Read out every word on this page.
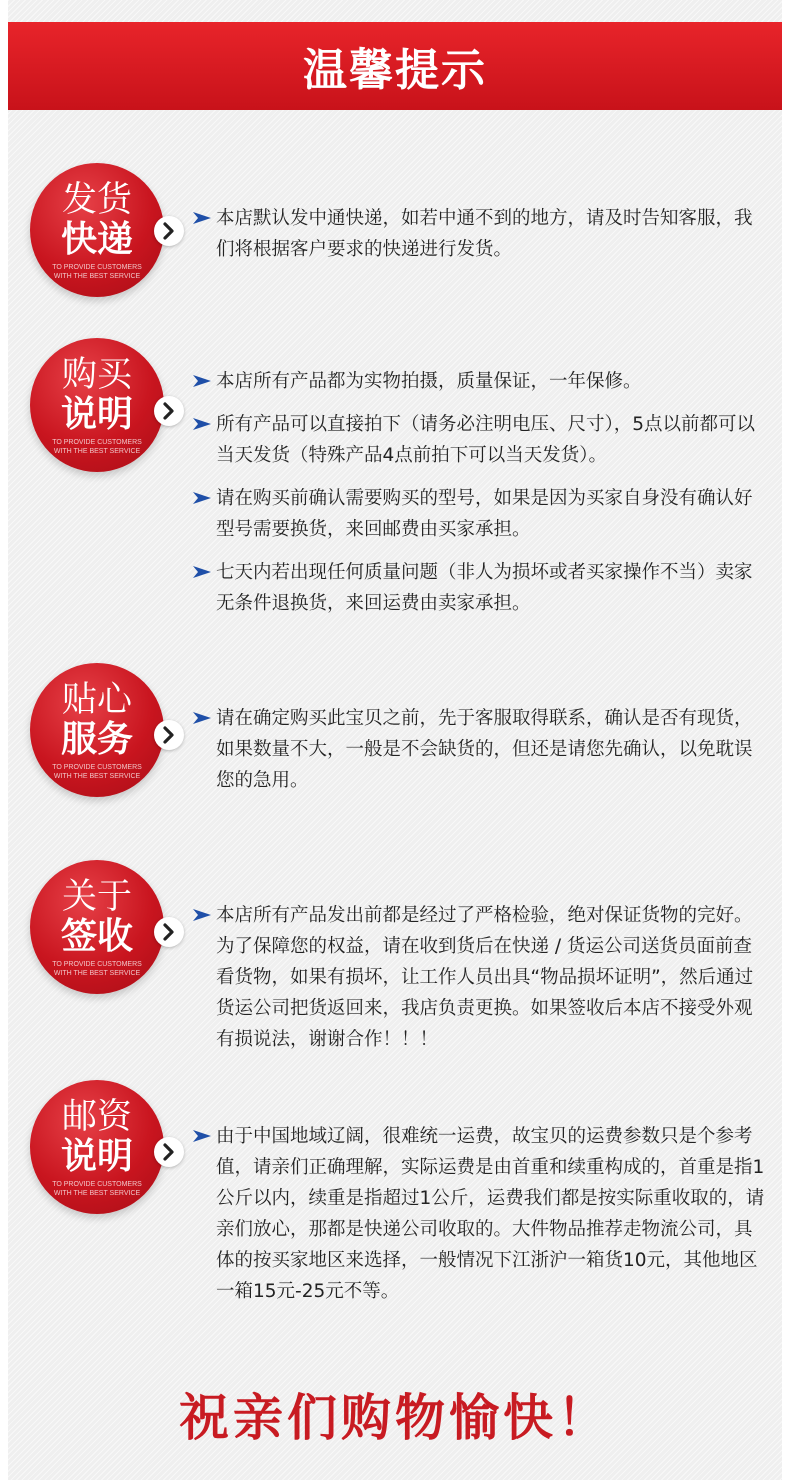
温馨提示
发货
快递
TO PROVIDE CUSTOMERS
WITH THE BEST SERVICE
本店默认发中通快递，如若中通不到的地方，请及时告知客服，我们将根据客户要求的快递进行发货。
购买
说明
TO PROVIDE CUSTOMERS
WITH THE BEST SERVICE
本店所有产品都为实物拍摄，质量保证，一年保修。
所有产品可以直接拍下（请务必注明电压、尺寸），5点以前都可以当天发货（特殊产品4点前拍下可以当天发货）。
请在购买前确认需要购买的型号，如果是因为买家自身没有确认好型号需要换货，来回邮费由买家承担。
七天内若出现任何质量问题（非人为损坏或者买家操作不当）卖家无条件退换货，来回运费由卖家承担。
贴心
服务
TO PROVIDE CUSTOMERS
WITH THE BEST SERVICE
请在确定购买此宝贝之前，先于客服取得联系，确认是否有现货，如果数量不大，一般是不会缺货的，但还是请您先确认，以免耽误您的急用。
关于
签收
TO PROVIDE CUSTOMERS
WITH THE BEST SERVICE
本店所有产品发出前都是经过了严格检验，绝对保证货物的完好。为了保障您的权益，请在收到货后在快递 / 货运公司送货员面前查看货物，如果有损坏，让工作人员出具“物品损坏证明”，然后通过货运公司把货返回来，我店负责更换。如果签收后本店不接受外观有损说法，谢谢合作！！！
邮资
说明
TO PROVIDE CUSTOMERS
WITH THE BEST SERVICE
由于中国地域辽阔，很难统一运费，故宝贝的运费参数只是个参考值，请亲们正确理解，实际运费是由首重和续重构成的，首重是指1公斤以内，续重是指超过1公斤，运费我们都是按实际重收取的，请亲们放心，那都是快递公司收取的。大件物品推荐走物流公司，具体的按买家地区来选择，一般情况下江浙沪一箱货10元，其他地区一箱15元-25元不等。
祝亲们购物愉快！
